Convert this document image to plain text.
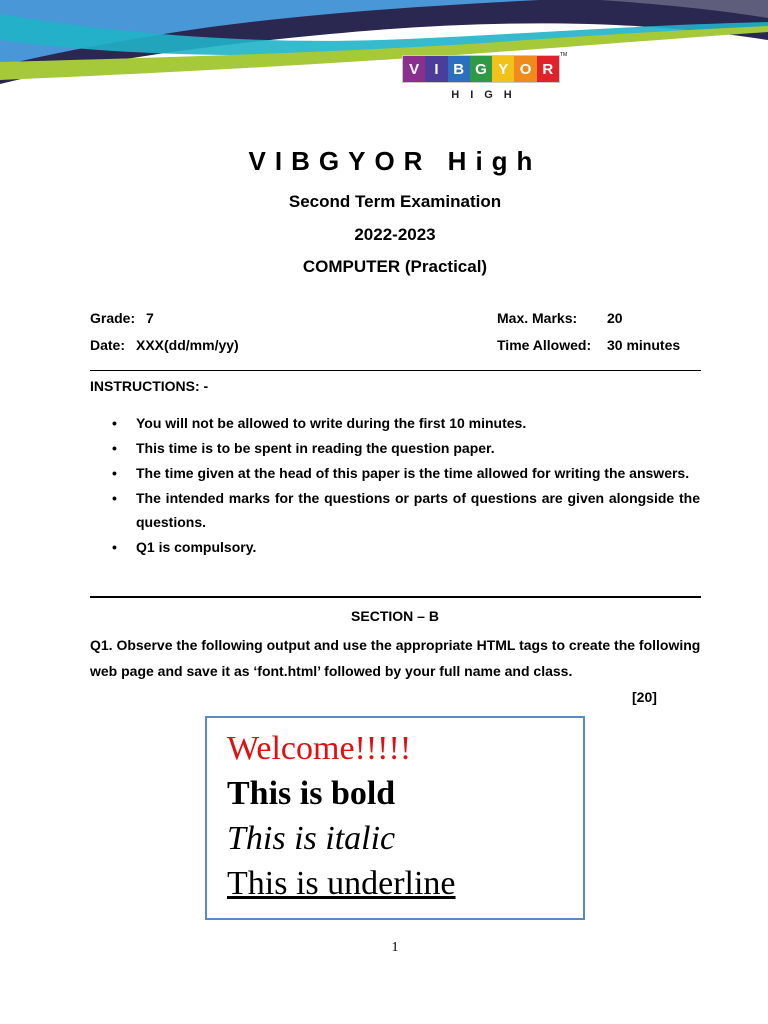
V	I B G Y O R
HIGH
TM
VIBGYOR High
Second Term Examination
2022-2023
COMPUTER (Practical)
Grade: 7
Date: XXX(dd/mm/yy)
Max. Marks: 20
Time Allowed: 30 minutes
INSTRUCTIONS: -
• You will not be allowed to write during the first 10 minutes.
• This time is to be spent in reading the question paper.
• The time given at the head of this paper is the time allowed for writing the answers.
• The intended marks for the questions or parts of questions are given alongside the questions.
• Q1 is compulsory.
SECTION – B
Q1. Observe the following output and use the appropriate HTML tags to create the following web page and save it as ‘font.html’ followed by your full name and class.
[20]
Welcome!!!!!
This is bold
This is italic
This is underline
1
